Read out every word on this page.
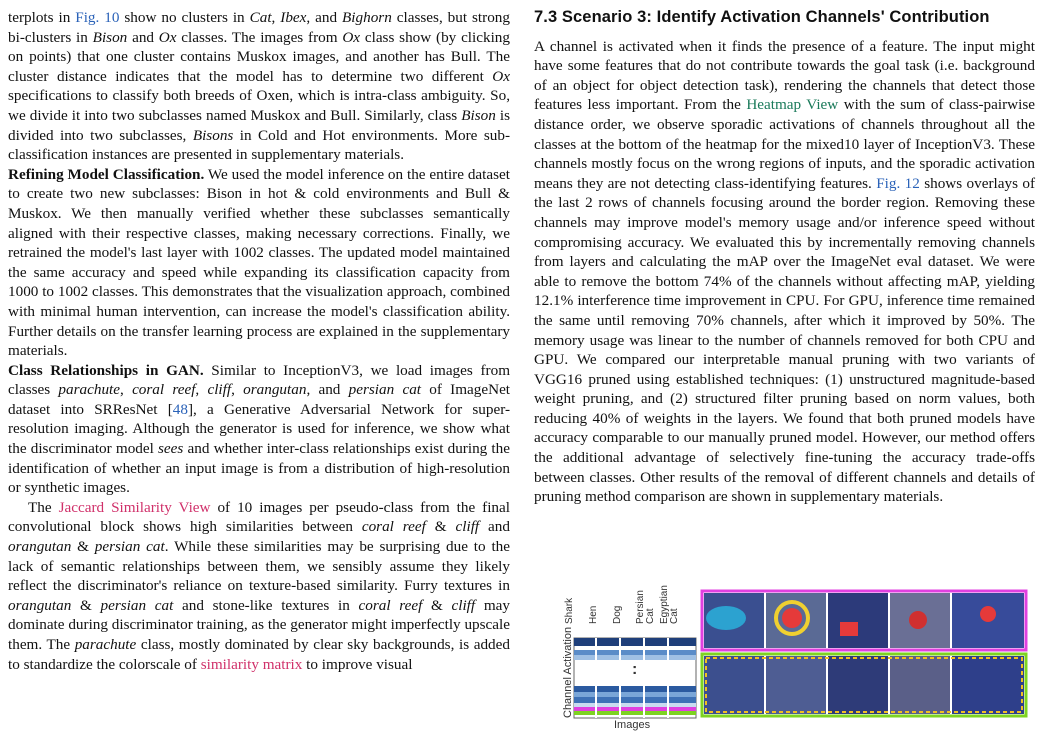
terplots in Fig. 10 show no clusters in Cat, Ibex, and Bighorn classes, but strong bi-clusters in Bison and Ox classes. The images from Ox class show (by clicking on points) that one cluster contains Muskox images, and another has Bull. The cluster distance indicates that the model has to determine two different Ox specifications to classify both breeds of Oxen, which is intra-class ambiguity. So, we divide it into two subclasses named Muskox and Bull. Similarly, class Bison is divided into two subclasses, Bisons in Cold and Hot environments. More sub-classification instances are presented in supplementary materials.

Refining Model Classification. We used the model inference on the entire dataset to create two new subclasses: Bison in hot & cold environments and Bull & Muskox. We then manually verified whether these subclasses semantically aligned with their respective classes, making necessary corrections. Finally, we retrained the model's last layer with 1002 classes. The updated model maintained the same accuracy and speed while expanding its classification capacity from 1000 to 1002 classes. This demonstrates that the visualization approach, combined with minimal human intervention, can increase the model's classification ability. Further details on the transfer learning process are explained in the supplementary materials.

Class Relationships in GAN. Similar to InceptionV3, we load images from classes parachute, coral reef, cliff, orangutan, and persian cat of ImageNet dataset into SRResNet [48], a Generative Adversarial Network for super-resolution imaging. Although the generator is used for inference, we show what the discriminator model sees and whether inter-class relationships exist during the identification of whether an input image is from a distribution of high-resolution or synthetic images.

The Jaccard Similarity View of 10 images per pseudo-class from the final convolutional block shows high similarities between coral reef & cliff and orangutan & persian cat. While these similarities may be surprising due to the lack of semantic relationships between them, we sensibly assume they likely reflect the discriminator's reliance on texture-based similarity. Furry textures in orangutan & persian cat and stone-like textures in coral reef & cliff may dominate during discriminator training, as the generator might imperfectly upscale them. The parachute class, mostly dominated by clear sky backgrounds, is added to standardize the colorscale of similarity matrix to improve visual

7.3 Scenario 3: Identify Activation Channels' Contribution

A channel is activated when it finds the presence of a feature. The input might have some features that do not contribute towards the goal task (i.e. background of an object for object detection task), rendering the channels that detect those features less important. From the Heatmap View with the sum of class-pairwise distance order, we observe sporadic activations of channels throughout all the classes at the bottom of the heatmap for the mixed10 layer of InceptionV3. These channels mostly focus on the wrong regions of inputs, and the sporadic activation means they are not detecting class-identifying features. Fig. 12 shows overlays of the last 2 rows of channels focusing around the border region. Removing these channels may improve model's memory usage and/or inference speed without compromising accuracy. We evaluated this by incrementally removing channels from layers and calculating the mAP over the ImageNet eval dataset. We were able to remove the bottom 74% of the channels without affecting mAP, yielding 12.1% interference time improvement in CPU. For GPU, inference time remained the same until removing 70% channels, after which it improved by 50%. The memory usage was linear to the number of channels removed for both CPU and GPU. We compared our interpretable manual pruning with two variants of VGG16 pruned using established techniques: (1) unstructured magnitude-based weight pruning, and (2) structured filter pruning based on norm values, both reducing 40% of weights in the layers. We found that both pruned models have accuracy comparable to our manually pruned model. However, our method offers the additional advantage of selectively fine-tuning the accuracy trade-offs between classes. Other results of the removal of different channels and details of pruning method comparison are shown in supplementary materials.

Channel Activation
Shark Hen Dog Persian Cat Egyptian Cat
:
Images
